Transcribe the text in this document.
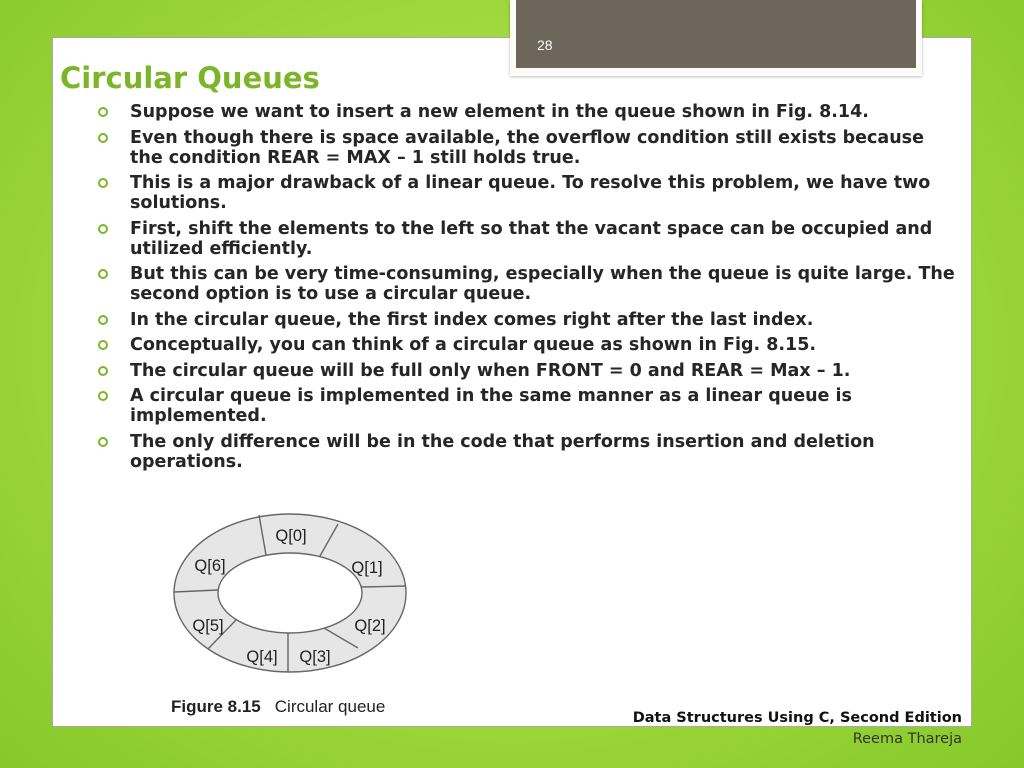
28
Circular Queues
Suppose we want to insert a new element in the queue shown in Fig. 8.14.
Even though there is space available, the overflow condition still exists because the condition REAR = MAX – 1 still holds true.
This is a major drawback of a linear queue. To resolve this problem, we have two solutions.
First, shift the elements to the left so that the vacant space can be occupied and utilized efficiently.
But this can be very time-consuming, especially when the queue is quite large. The second option is to use a circular queue.
In the circular queue, the first index comes right after the last index.
Conceptually, you can think of a circular queue as shown in Fig. 8.15.
The circular queue will be full only when FRONT = 0 and REAR = Max – 1.
A circular queue is implemented in the same manner as a linear queue is implemented.
The only difference will be in the code that performs insertion and deletion operations.
Q[0]
Q[1]
Q[2]
Q[3]
Q[4]
Q[5]
Q[6]
Figure 8.15 Circular queue
Data Structures Using C, Second Edition
Reema Thareja
